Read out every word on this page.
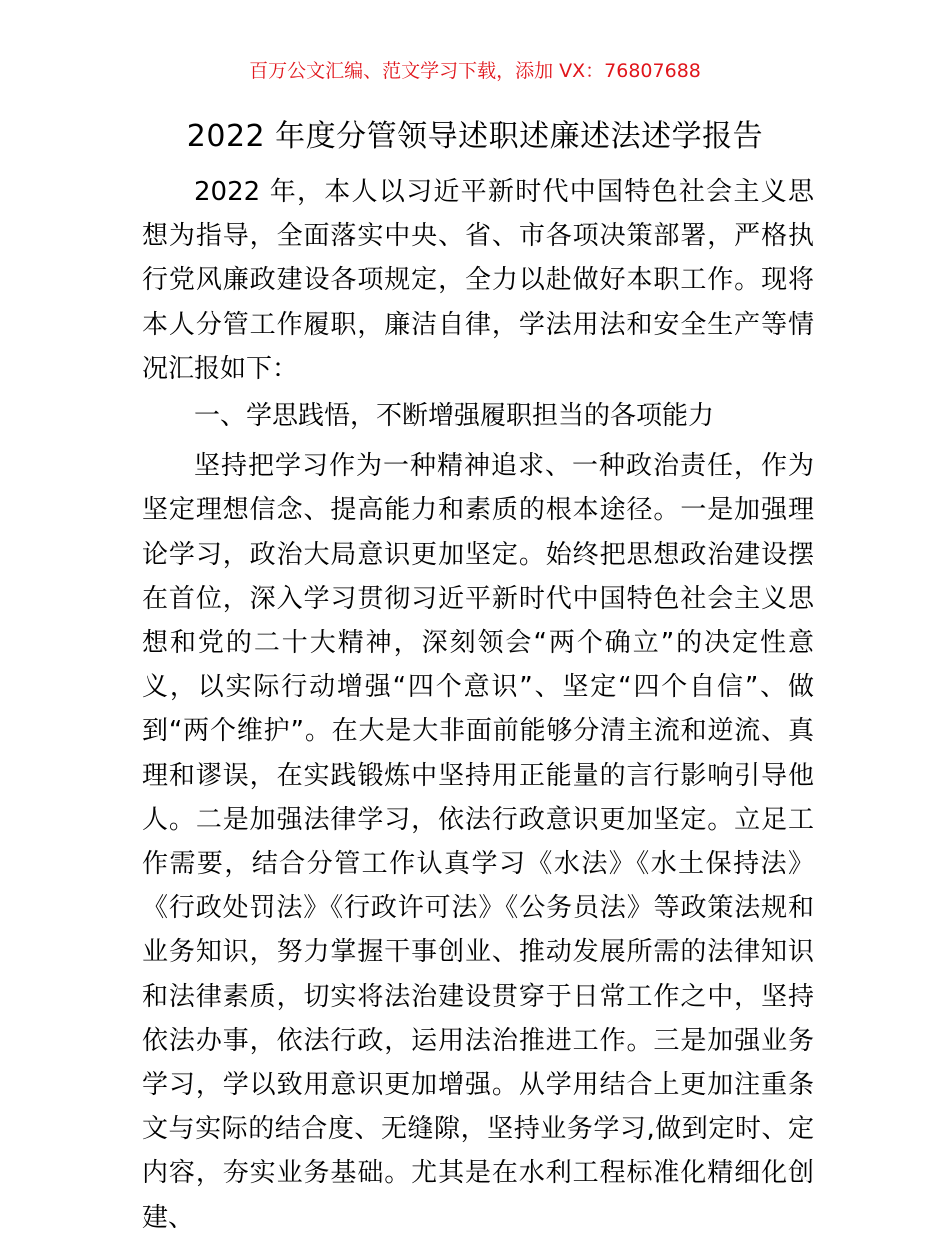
百万公文汇编、范文学习下载，添加 VX：76807688
2022 年度分管领导述职述廉述法述学报告

2022 年，本人以习近平新时代中国特色社会主义思想为指导，全面落实中央、省、市各项决策部署，严格执行党风廉政建设各项规定，全力以赴做好本职工作。现将本人分管工作履职，廉洁自律，学法用法和安全生产等情况汇报如下：

一、学思践悟，不断增强履职担当的各项能力

坚持把学习作为一种精神追求、一种政治责任，作为坚定理想信念、提高能力和素质的根本途径。一是加强理论学习，政治大局意识更加坚定。始终把思想政治建设摆在首位，深入学习贯彻习近平新时代中国特色社会主义思想和党的二十大精神，深刻领会“两个确立”的决定性意义，以实际行动增强“四个意识”、坚定“四个自信”、做到“两个维护”。在大是大非面前能够分清主流和逆流、真理和谬误，在实践锻炼中坚持用正能量的言行影响引导他人。二是加强法律学习，依法行政意识更加坚定。立足工作需要，结合分管工作认真学习《水法》《水土保持法》《行政处罚法》《行政许可法》《公务员法》等政策法规和业务知识，努力掌握干事创业、推动发展所需的法律知识和法律素质，切实将法治建设贯穿于日常工作之中，坚持依法办事，依法行政，运用法治推进工作。三是加强业务学习，学以致用意识更加增强。从学用结合上更加注重条文与实际的结合度、无缝隙，坚持业务学习,做到定时、定内容，夯实业务基础。尤其是在水利工程标准化精细化创建、
